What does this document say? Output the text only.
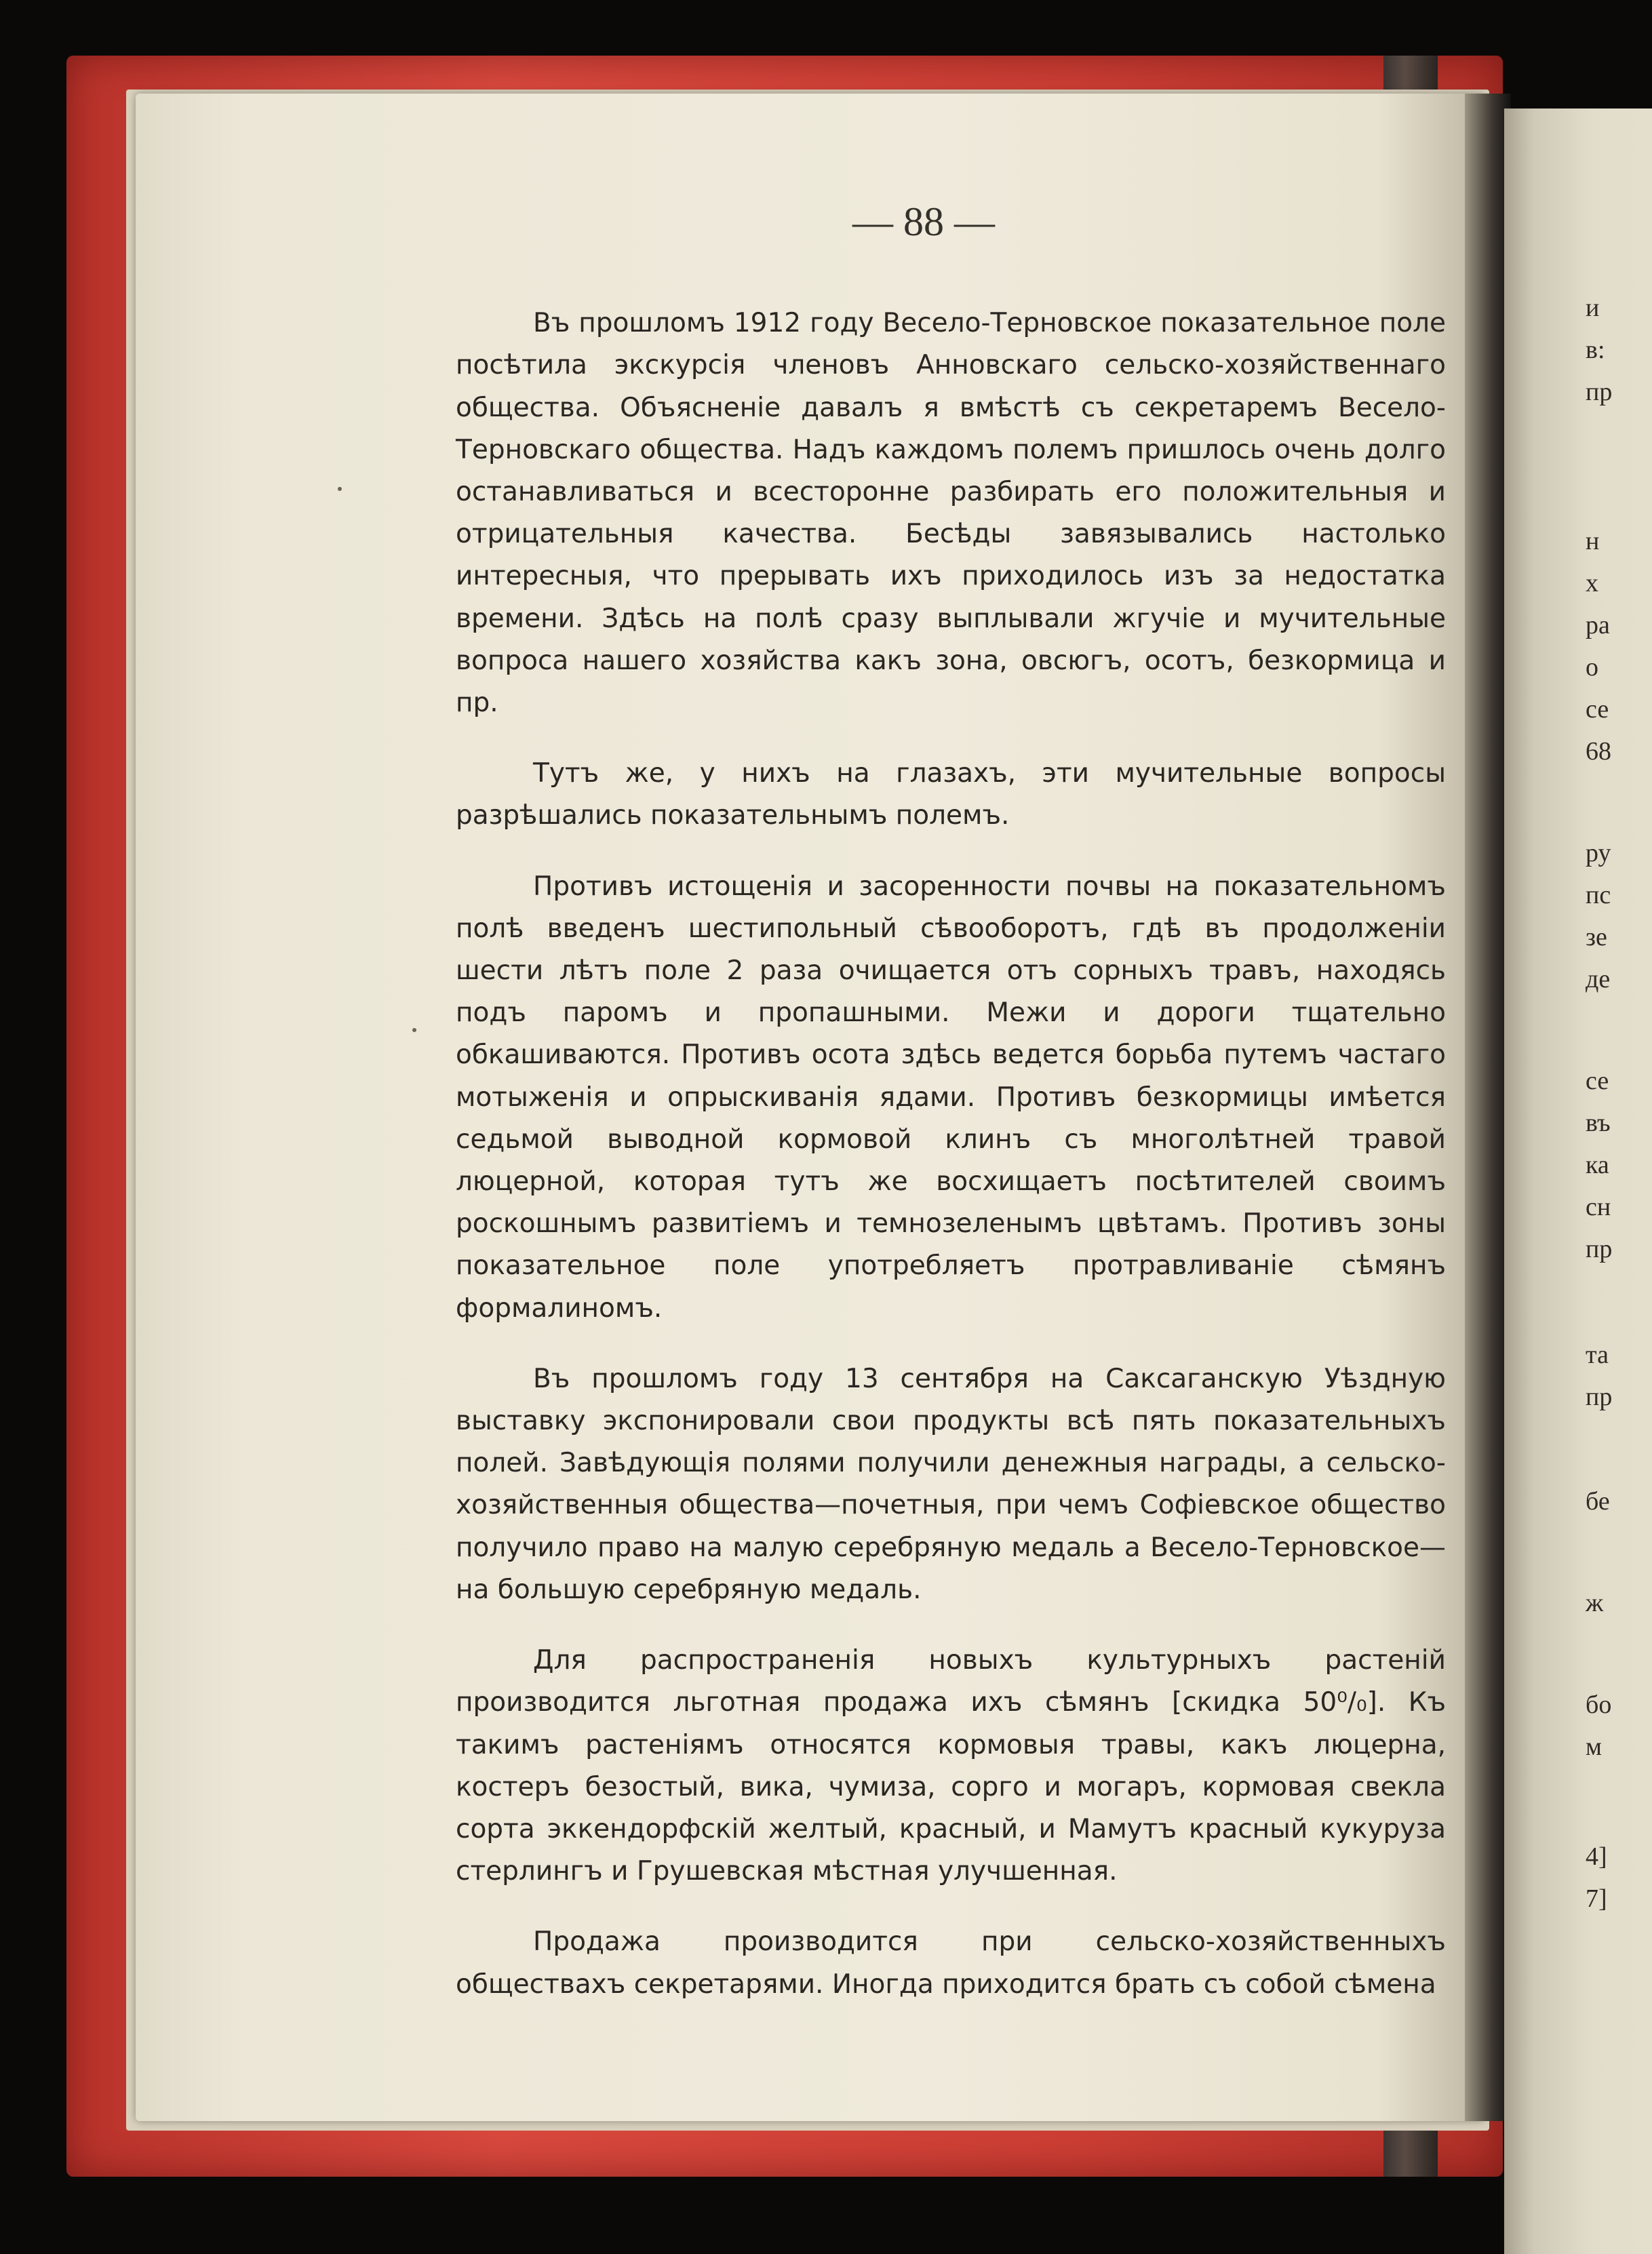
и

в:

пр

н

х

ра

о

се

68

ру

пс

зе

де

се

въ

ка

сн

пр

та

пр

бе

ж

бо

м

4]

7]

— 88 —

Въ прошломъ 1912 году Весело-Терновское показательное поле посѣтила экскурсія членовъ Анновскаго сельско-хозяйственнаго общества. Объясненіе давалъ я вмѣстѣ съ секретаремъ Весело-Терновскаго общества. Надъ каждомъ полемъ пришлось очень долго останавливаться и всесторонне разбирать его положительныя и отрицательныя качества. Бесѣды завязывались настолько интересныя, что прерывать ихъ приходилось изъ за недостатка времени. Здѣсь на полѣ сразу выплывали жгучіе и мучительные вопроса нашего хозяйства какъ зона, овсюгъ, осотъ, безкормица и пр.

Тутъ же, у нихъ на глазахъ, эти мучительные вопросы разрѣшались показательнымъ полемъ.

Противъ истощенія и засоренности почвы на показательномъ полѣ введенъ шестипольный сѣвооборотъ, гдѣ въ продолженіи шести лѣтъ поле 2 раза очищается отъ сорныхъ травъ, находясь подъ паромъ и пропашными. Межи и дороги тщательно обкашиваются. Противъ осота здѣсь ведется борьба путемъ частаго мотыженія и опрыскиванія ядами. Противъ безкормицы имѣется седьмой выводной кормовой клинъ съ многолѣтней травой люцерной, которая тутъ же восхищаетъ посѣтителей своимъ роскошнымъ развитіемъ и темнозеленымъ цвѣтамъ. Противъ зоны показательное поле употребляетъ протравливаніе сѣмянъ формалиномъ.

Въ прошломъ году 13 сентября на Саксаганскую Уѣздную выставку экспонировали свои продукты всѣ пять показательныхъ полей. Завѣдующія полями получили денежныя награды, а сельско-хозяйственныя общества—почетныя, при чемъ Софіевское общество получило право на малую серебряную медаль а Весело-Терновское—на большую серебряную медаль.

Для распространенія новыхъ культурныхъ растеній производится льготная продажа ихъ сѣмянъ [скидка 50⁰/₀]. Къ такимъ растеніямъ относятся кормовыя травы, какъ люцерна, костеръ безостый, вика, чумиза, сорго и могаръ, кормовая свекла сорта эккендорфскій желтый, красный, и Мамутъ красный кукуруза стерлингъ и Грушевская мѣстная улучшенная.

Продажа производится при сельско-хозяйственныхъ обществахъ секретарями. Иногда приходится брать съ собой сѣмена
